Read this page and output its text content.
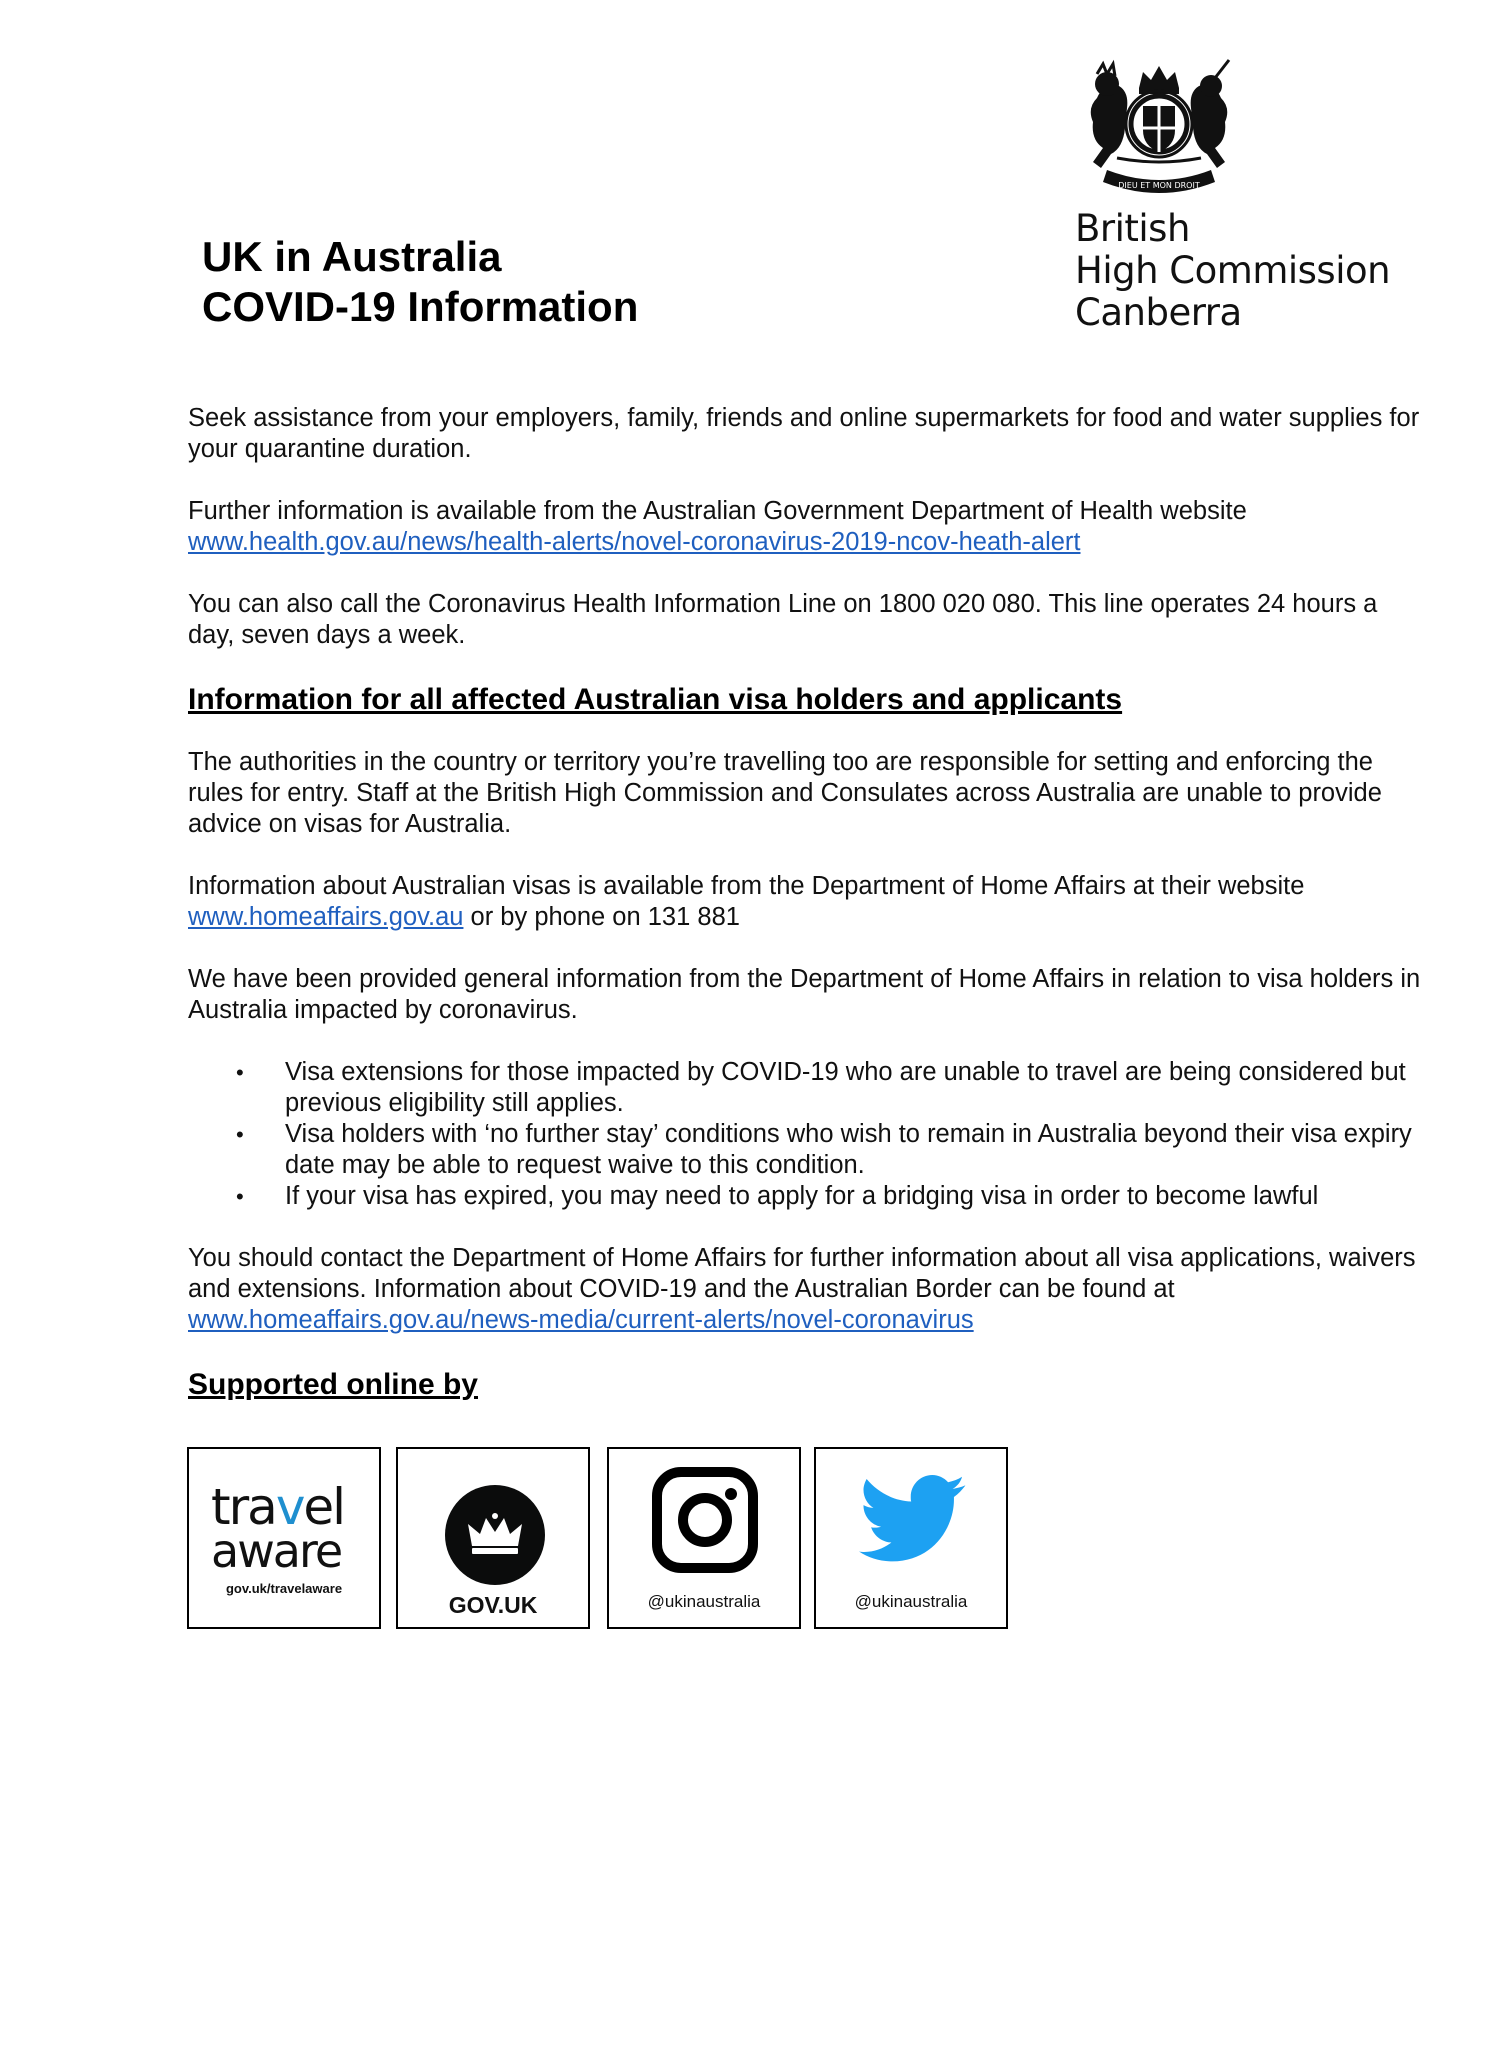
UK in Australia
COVID-19 Information
DIEU ET MON DROIT
British
High Commission
Canberra

Seek assistance from your employers, family, friends and online supermarkets for food and water supplies for your quarantine duration.

Further information is available from the Australian Government Department of Health website
www.health.gov.au/news/health-alerts/novel-coronavirus-2019-ncov-heath-alert

You can also call the Coronavirus Health Information Line on 1800 020 080. This line operates 24 hours a day, seven days a week.

Information for all affected Australian visa holders and applicants

The authorities in the country or territory you’re travelling too are responsible for setting and enforcing the rules for entry. Staff at the British High Commission and Consulates across Australia are unable to provide advice on visas for Australia.

Information about Australian visas is available from the Department of Home Affairs at their website
www.homeaffairs.gov.au or by phone on 131 881

We have been provided general information from the Department of Home Affairs in relation to visa holders in Australia impacted by coronavirus.

• Visa extensions for those impacted by COVID-19 who are unable to travel are being considered but previous eligibility still applies.
• Visa holders with ‘no further stay’ conditions who wish to remain in Australia beyond their visa expiry date may be able to request waive to this condition.
• If your visa has expired, you may need to apply for a bridging visa in order to become lawful

You should contact the Department of Home Affairs for further information about all visa applications, waivers and extensions. Information about COVID-19 and the Australian Border can be found at
www.homeaffairs.gov.au/news-media/current-alerts/novel-coronavirus

Supported online by
travel
aware
gov.uk/travelaware
GOV.UK	@ukinaustralia	@ukinaustralia
